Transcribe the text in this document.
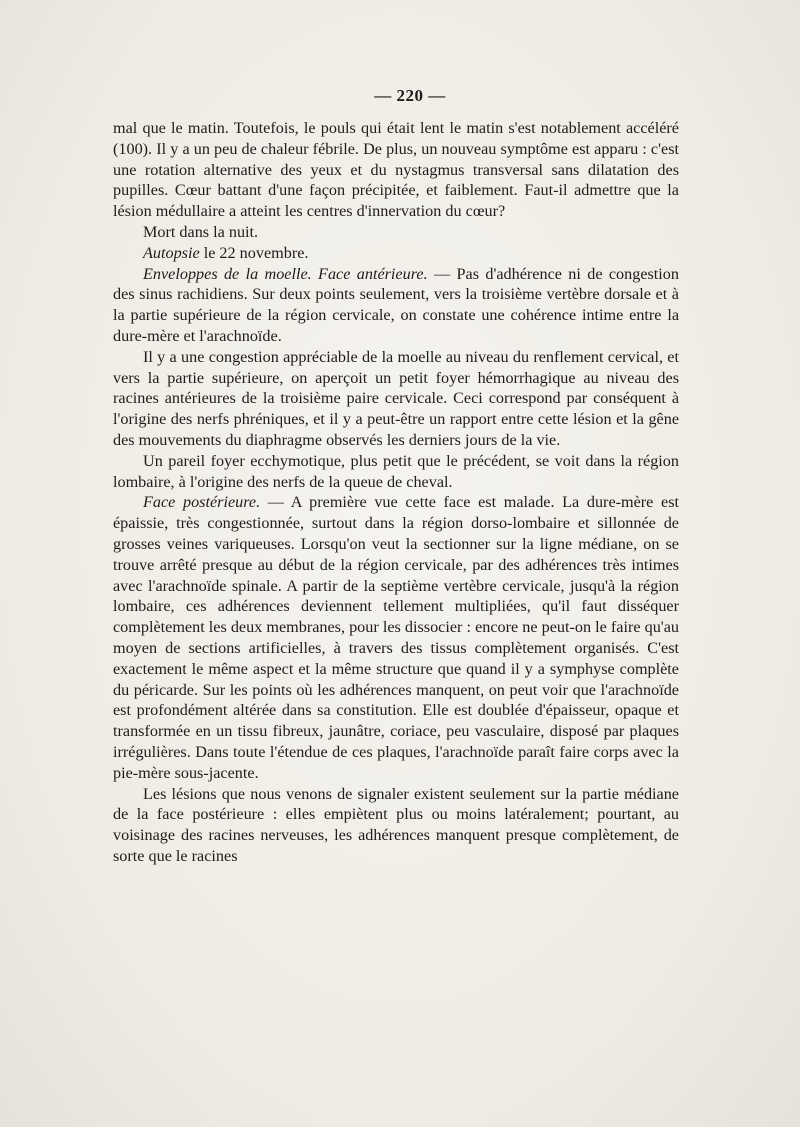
— 220 —

mal que le matin. Toutefois, le pouls qui était lent le matin s'est notablement accéléré (100). Il y a un peu de chaleur fébrile. De plus, un nouveau symptôme est apparu : c'est une rotation alternative des yeux et du nystagmus transversal sans dilatation des pupilles. Cœur battant d'une façon précipitée, et faiblement. Faut-il admettre que la lésion médullaire a atteint les centres d'innervation du cœur?

Mort dans la nuit.

Autopsie le 22 novembre.

Enveloppes de la moelle. Face antérieure. — Pas d'adhérence ni de congestion des sinus rachidiens. Sur deux points seulement, vers la troisième vertèbre dorsale et à la partie supérieure de la région cervicale, on constate une cohérence intime entre la dure-mère et l'arachnoïde.

Il y a une congestion appréciable de la moelle au niveau du renflement cervical, et vers la partie supérieure, on aperçoit un petit foyer hémorrhagique au niveau des racines antérieures de la troisième paire cervicale. Ceci correspond par conséquent à l'origine des nerfs phréniques, et il y a peut-être un rapport entre cette lésion et la gêne des mouvements du diaphragme observés les derniers jours de la vie.

Un pareil foyer ecchymotique, plus petit que le précédent, se voit dans la région lombaire, à l'origine des nerfs de la queue de cheval.

Face postérieure. — A première vue cette face est malade. La dure-mère est épaissie, très congestionnée, surtout dans la région dorso-lombaire et sillonnée de grosses veines variqueuses. Lorsqu'on veut la sectionner sur la ligne médiane, on se trouve arrêté presque au début de la région cervicale, par des adhérences très intimes avec l'arachnoïde spinale. A partir de la septième vertèbre cervicale, jusqu'à la région lombaire, ces adhérences deviennent tellement multipliées, qu'il faut disséquer complètement les deux membranes, pour les dissocier : encore ne peut-on le faire qu'au moyen de sections artificielles, à travers des tissus complètement organisés. C'est exactement le même aspect et la même structure que quand il y a symphyse complète du péricarde. Sur les points où les adhérences manquent, on peut voir que l'arachnoïde est profondément altérée dans sa constitution. Elle est doublée d'épaisseur, opaque et transformée en un tissu fibreux, jaunâtre, coriace, peu vasculaire, disposé par plaques irrégulières. Dans toute l'étendue de ces plaques, l'arachnoïde paraît faire corps avec la pie-mère sous-jacente.

Les lésions que nous venons de signaler existent seulement sur la partie médiane de la face postérieure : elles empiètent plus ou moins latéralement; pourtant, au voisinage des racines nerveuses, les adhérences manquent presque complètement, de sorte que le racines
